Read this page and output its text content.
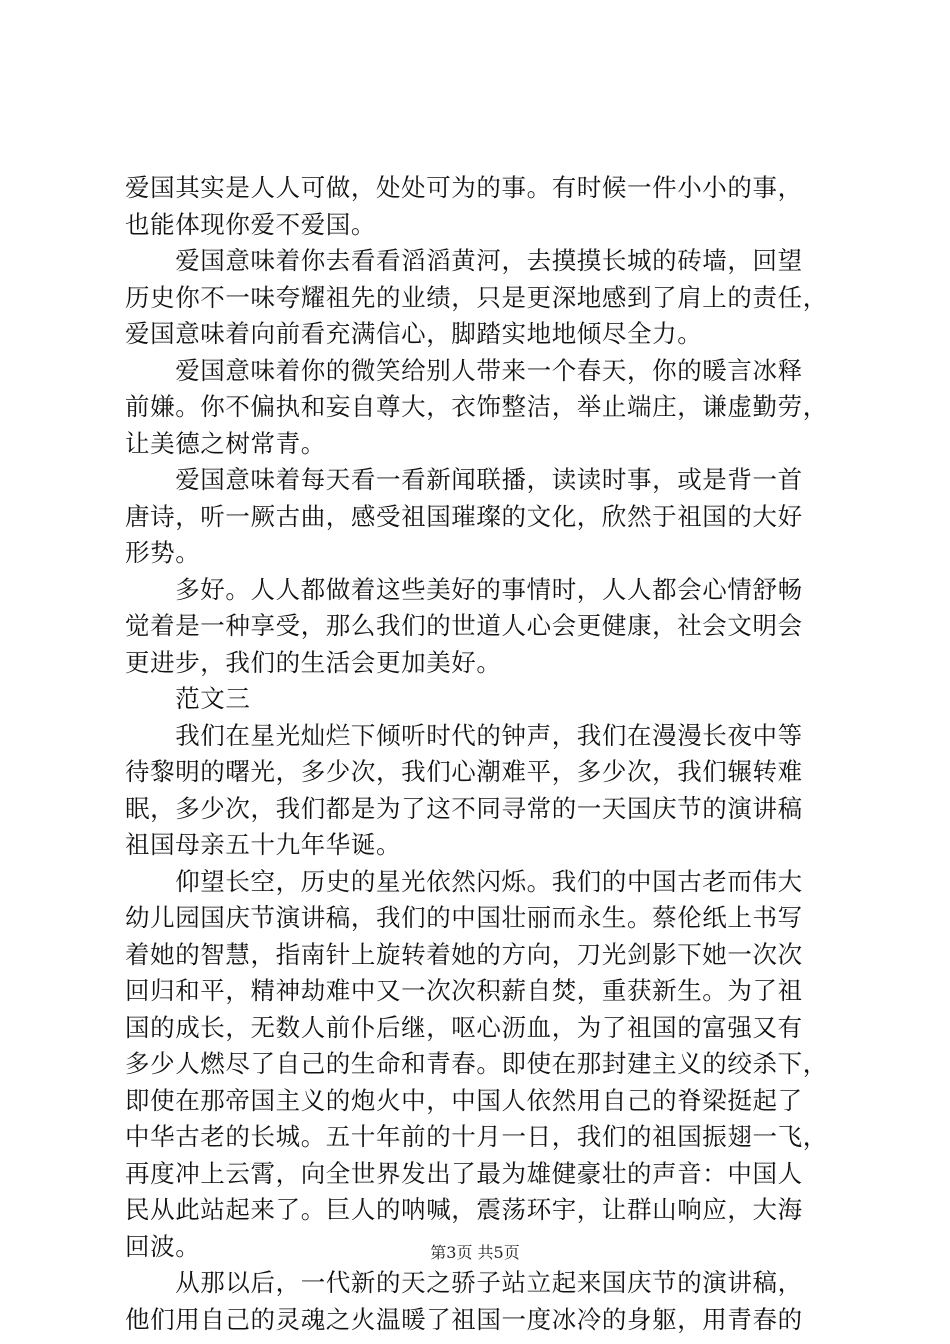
爱国其实是人人可做，处处可为的事。有时候一件小小的事，
也能体现你爱不爱国。
　　爱国意味着你去看看滔滔黄河，去摸摸长城的砖墙，回望
历史你不一味夸耀祖先的业绩，只是更深地感到了肩上的责任，
爱国意味着向前看充满信心，脚踏实地地倾尽全力。
　　爱国意味着你的微笑给别人带来一个春天，你的暖言冰释
前嫌。你不偏执和妄自尊大，衣饰整洁，举止端庄，谦虚勤劳，
让美德之树常青。
　　爱国意味着每天看一看新闻联播，读读时事，或是背一首
唐诗，听一厥古曲，感受祖国璀璨的文化，欣然于祖国的大好
形势。
　　多好。人人都做着这些美好的事情时，人人都会心情舒畅
觉着是一种享受，那么我们的世道人心会更健康，社会文明会
更进步，我们的生活会更加美好。
　　范文三
　　我们在星光灿烂下倾听时代的钟声，我们在漫漫长夜中等
待黎明的曙光，多少次，我们心潮难平，多少次，我们辗转难
眠，多少次，我们都是为了这不同寻常的一天国庆节的演讲稿
祖国母亲五十九年华诞。
　　仰望长空，历史的星光依然闪烁。我们的中国古老而伟大
幼儿园国庆节演讲稿，我们的中国壮丽而永生。蔡伦纸上书写
着她的智慧，指南针上旋转着她的方向，刀光剑影下她一次次
回归和平，精神劫难中又一次次积薪自焚，重获新生。为了祖
国的成长，无数人前仆后继，呕心沥血，为了祖国的富强又有
多少人燃尽了自己的生命和青春。即使在那封建主义的绞杀下，
即使在那帝国主义的炮火中，中国人依然用自己的脊梁挺起了
中华古老的长城。五十年前的十月一日，我们的祖国振翅一飞，
再度冲上云霄，向全世界发出了最为雄健豪壮的声音：中国人
民从此站起来了。巨人的呐喊，震荡环宇，让群山响应，大海
回波。
　　从那以后，一代新的天之骄子站立起来国庆节的演讲稿，
他们用自己的灵魂之火温暖了祖国一度冰冷的身躯，用青春的
第3页 共5页
